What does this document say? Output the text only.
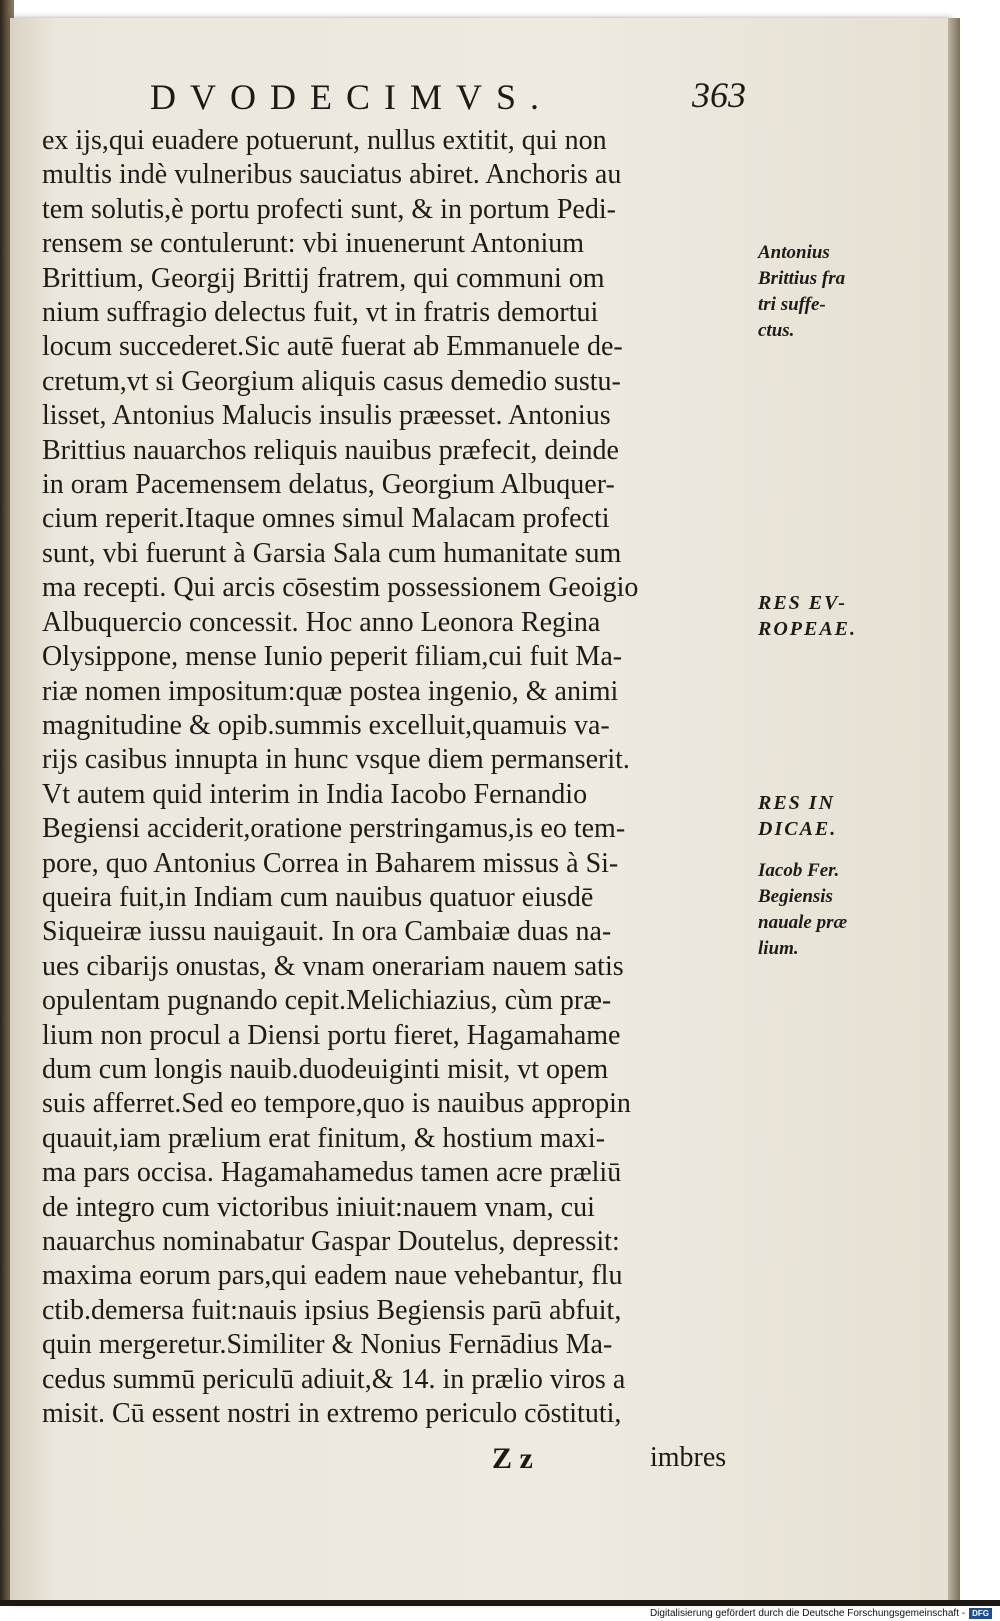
DVODECIMVS.	363
ex ijs,qui euadere potuerunt, nullus extitit, qui non
multis indè vulneribus sauciatus abiret. Anchoris au
tem solutis,è portu profecti sunt, & in portum Pedi-
rensem se contulerunt: vbi inuenerunt Antonium
Brittium, Georgij Brittij fratrem, qui communi om
nium suffragio delectus fuit, vt in fratris demortui
locum succederet.Sic autē fuerat ab Emmanuele de-
cretum,vt si Georgium aliquis casus demedio sustu-
lisset, Antonius Malucis insulis præesset. Antonius
Brittius nauarchos reliquis nauibus præfecit, deinde
in oram Pacemensem delatus, Georgium Albuquer-
cium reperit.Itaque omnes simul Malacam profecti
sunt, vbi fuerunt à Garsia Sala cum humanitate sum
ma recepti. Qui arcis cōsestim possessionem Geoigio
Albuquercio concessit. Hoc anno Leonora Regina
Olysippone, mense Iunio peperit filiam,cui fuit Ma-
riæ nomen impositum:quæ postea ingenio, & animi
magnitudine & opib.summis excelluit,quamuis va-
rijs casibus innupta in hunc vsque diem permanserit.
Vt autem quid interim in India Iacobo Fernandio
Begiensi acciderit,oratione perstringamus,is eo tem-
pore, quo Antonius Correa in Baharem missus à Si-
queira fuit,in Indiam cum nauibus quatuor eiusdē
Siqueiræ iussu nauigauit. In ora Cambaiæ duas na-
ues cibarijs onustas, & vnam onerariam nauem satis
opulentam pugnando cepit.Melichiazius, cùm præ-
lium non procul a Diensi portu fieret, Hagamahame
dum cum longis nauib.duodeuiginti misit, vt opem
suis afferret.Sed eo tempore,quo is nauibus appropin
quauit,iam prælium erat finitum, & hostium maxi-
ma pars occisa. Hagamahamedus tamen acre præliū
de integro cum victoribus iniuit:nauem vnam, cui
nauarchus nominabatur Gaspar Doutelus, depressit:
maxima eorum pars,qui eadem naue vehebantur, flu
ctib.demersa fuit:nauis ipsius Begiensis parū abfuit,
quin mergeretur.Similiter & Nonius Fernādius Ma-
cedus summū periculū adiuit,& 14. in prælio viros a
misit. Cū essent nostri in extremo periculo cōstituti,
Antonius
Brittius fra
tri suffe-
ctus.
RES EV-
ROPEAE.
RES IN
DICAE.
Iacob Fer.
Begiensis
nauale præ
lium.
Z z	imbres
Digitalisierung gefördert durch die Deutsche Forschungsgemeinschaft - DFG
